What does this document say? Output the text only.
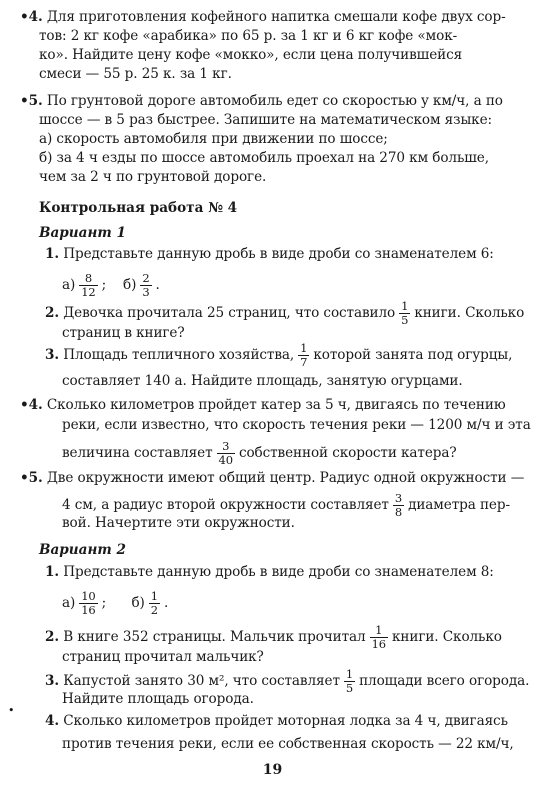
•4. Для приготовления кофейного напитка смешали кофе двух сор-
тов: 2 кг кофе «арабика» по 65 р. за 1 кг и 6 кг кофе «мок-
ко». Найдите цену кофе «мокко», если цена получившейся
смеси — 55 р. 25 к. за 1 кг.
•5. По грунтовой дороге автомобиль едет со скоростью y км/ч, а по
шоссе — в 5 раз быстрее. Запишите на математическом языке:
а) скорость автомобиля при движении по шоссе;
б) за 4 ч езды по шоссе автомобиль проехал на 270 км больше,
чем за 2 ч по грунтовой дороге.
Контрольная работа № 4
Вариант 1
1. Представьте данную дробь в виде дроби со знаменателем 6:
$а) \frac{8}{12}$ ; $б) \frac{2}{3}$ .
2. Девочка прочитала 25 страниц, что составило $\frac{1}{5}$ книги. Сколько
страниц в книге?
3. Площадь тепличного хозяйства, $\frac{1}{7}$ которой занята под огурцы,
составляет 140 а. Найдите площадь, занятую огурцами.
•4. Сколько километров пройдет катер за 5 ч, двигаясь по течению
реки, если известно, что скорость течения реки — 1200 м/ч и эта
величина составляет $\frac{3}{40}$ собственной скорости катера?
•5. Две окружности имеют общий центр. Радиус одной окружности —
4 см, а радиус второй окружности составляет $\frac{3}{8}$ диаметра пер-
вой. Начертите эти окружности.
Вариант 2
1. Представьте данную дробь в виде дроби со знаменателем 8:
$а) \frac{10}{16}$ ; $б) \frac{1}{2}$ .
2. В книге 352 страницы. Мальчик прочитал $\frac{1}{16}$ книги. Сколько
страниц прочитал мальчик?
3. Капустой занято 30 м², что составляет $\frac{1}{5}$ площади всего огорода.
Найдите площадь огорода.
•
4. Сколько километров пройдет моторная лодка за 4 ч, двигаясь
против течения реки, если ее собственная скорость — 22 км/ч,
19
